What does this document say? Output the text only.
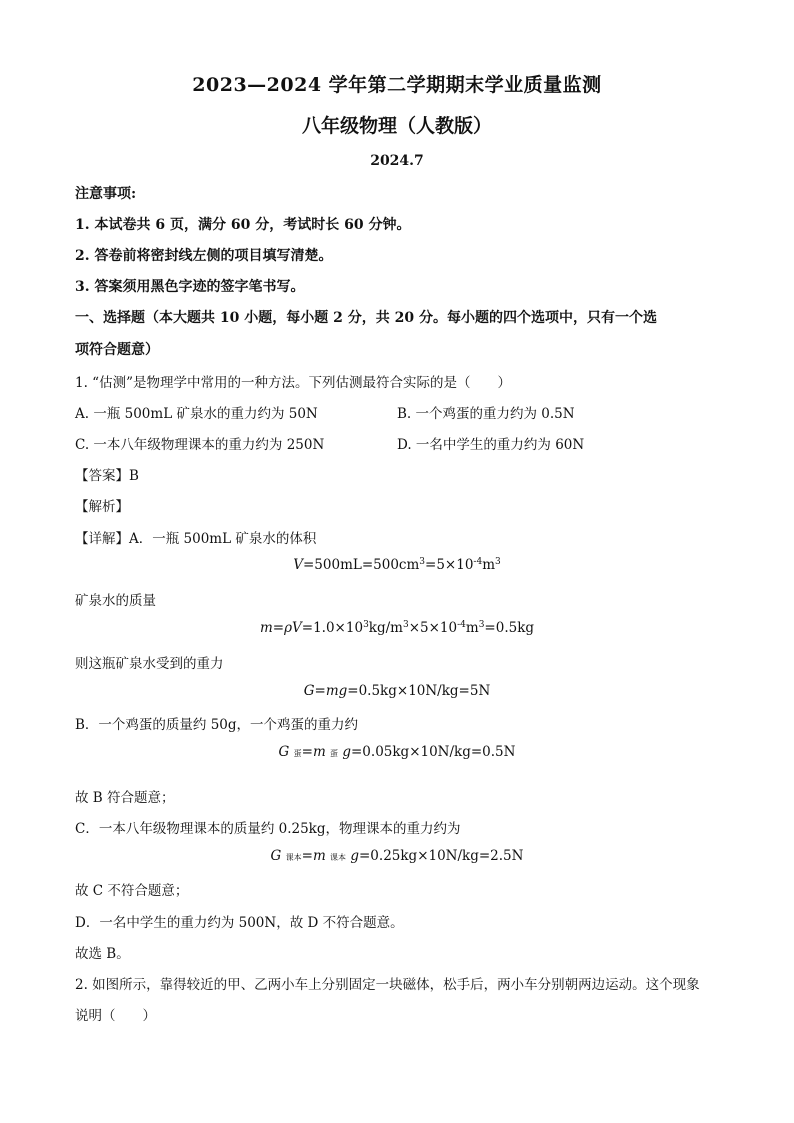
2023—2024 学年第二学期期末学业质量监测
八年级物理（人教版）
2024.7
注意事项:
1. 本试卷共 6 页，满分 60 分，考试时长 60 分钟。
2. 答卷前将密封线左侧的项目填写清楚。
3. 答案须用黑色字迹的签字笔书写。
一、选择题（本大题共 10 小题，每小题 2 分，共 20 分。每小题的四个选项中，只有一个选
项符合题意）
1. “估测”是物理学中常用的一种方法。下列估测最符合实际的是（　　）
A. 一瓶 500mL 矿泉水的重力约为 50N	B. 一个鸡蛋的重力约为 0.5N
C. 一本八年级物理课本的重力约为 250N	D. 一名中学生的重力约为 60N
【答案】B
【解析】
【详解】A．一瓶 500mL 矿泉水的体积
$V=500mL=500cm^3=5\times 10^{-4}m^3$
矿泉水的质量
$m=\rho V=1.0\times 10^3kg/m^3\times 5\times 10^{-4}m^3=0.5kg$
则这瓶矿泉水受到的重力
G=mg=0.5kg×10N/kg=5N
B．一个鸡蛋的质量约 50g，一个鸡蛋的重力约
G 蛋=m 蛋 g=0.05kg×10N/kg=0.5N
故 B 符合题意；
C．一本八年级物理课本的质量约 0.25kg，物理课本的重力约为
G 课本=m 课本 g=0.25kg×10N/kg=2.5N
故 C 不符合题意；
D．一名中学生的重力约为 500N，故 D 不符合题意。
故选 B。
2. 如图所示，靠得较近的甲、乙两小车上分别固定一块磁体，松手后，两小车分别朝两边运动。这个现象
说明（　　）
